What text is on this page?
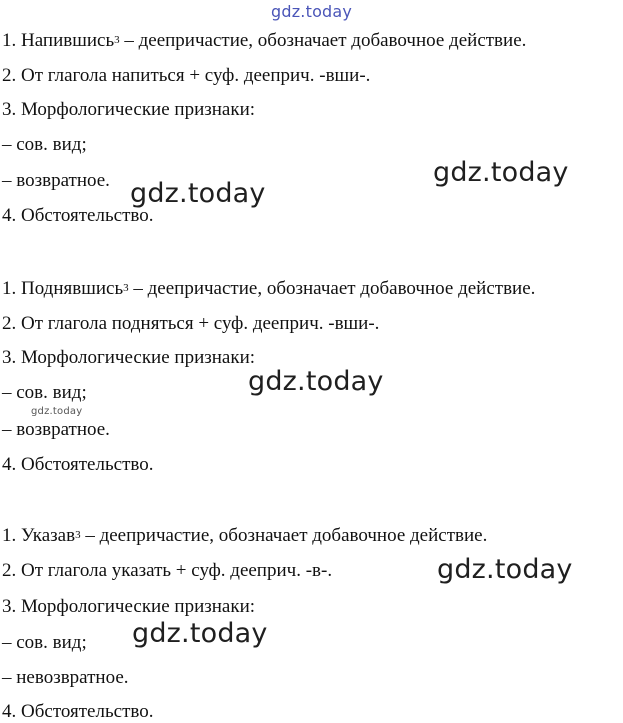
gdz.today
1. Напившись$^3$ – деепричастие, обозначает добавочное действие.
2. От глагола напиться + суф. дееприч. -вши-.
3. Морфологические признаки:
– сов. вид;
– возвратное.
4. Обстоятельство.
1. Поднявшись$^3$ – деепричастие, обозначает добавочное действие.
2. От глагола подняться + суф. дееприч. -вши-.
3. Морфологические признаки:
– сов. вид;
– возвратное.
4. Обстоятельство.
1. Указав$^3$ – деепричастие, обозначает добавочное действие.
2. От глагола указать + суф. дееприч. -в-.
3. Морфологические признаки:
– сов. вид;
– невозвратное.
4. Обстоятельство.
gdz.today
gdz.today
gdz.today
gdz.today
gdz.today
gdz.today
